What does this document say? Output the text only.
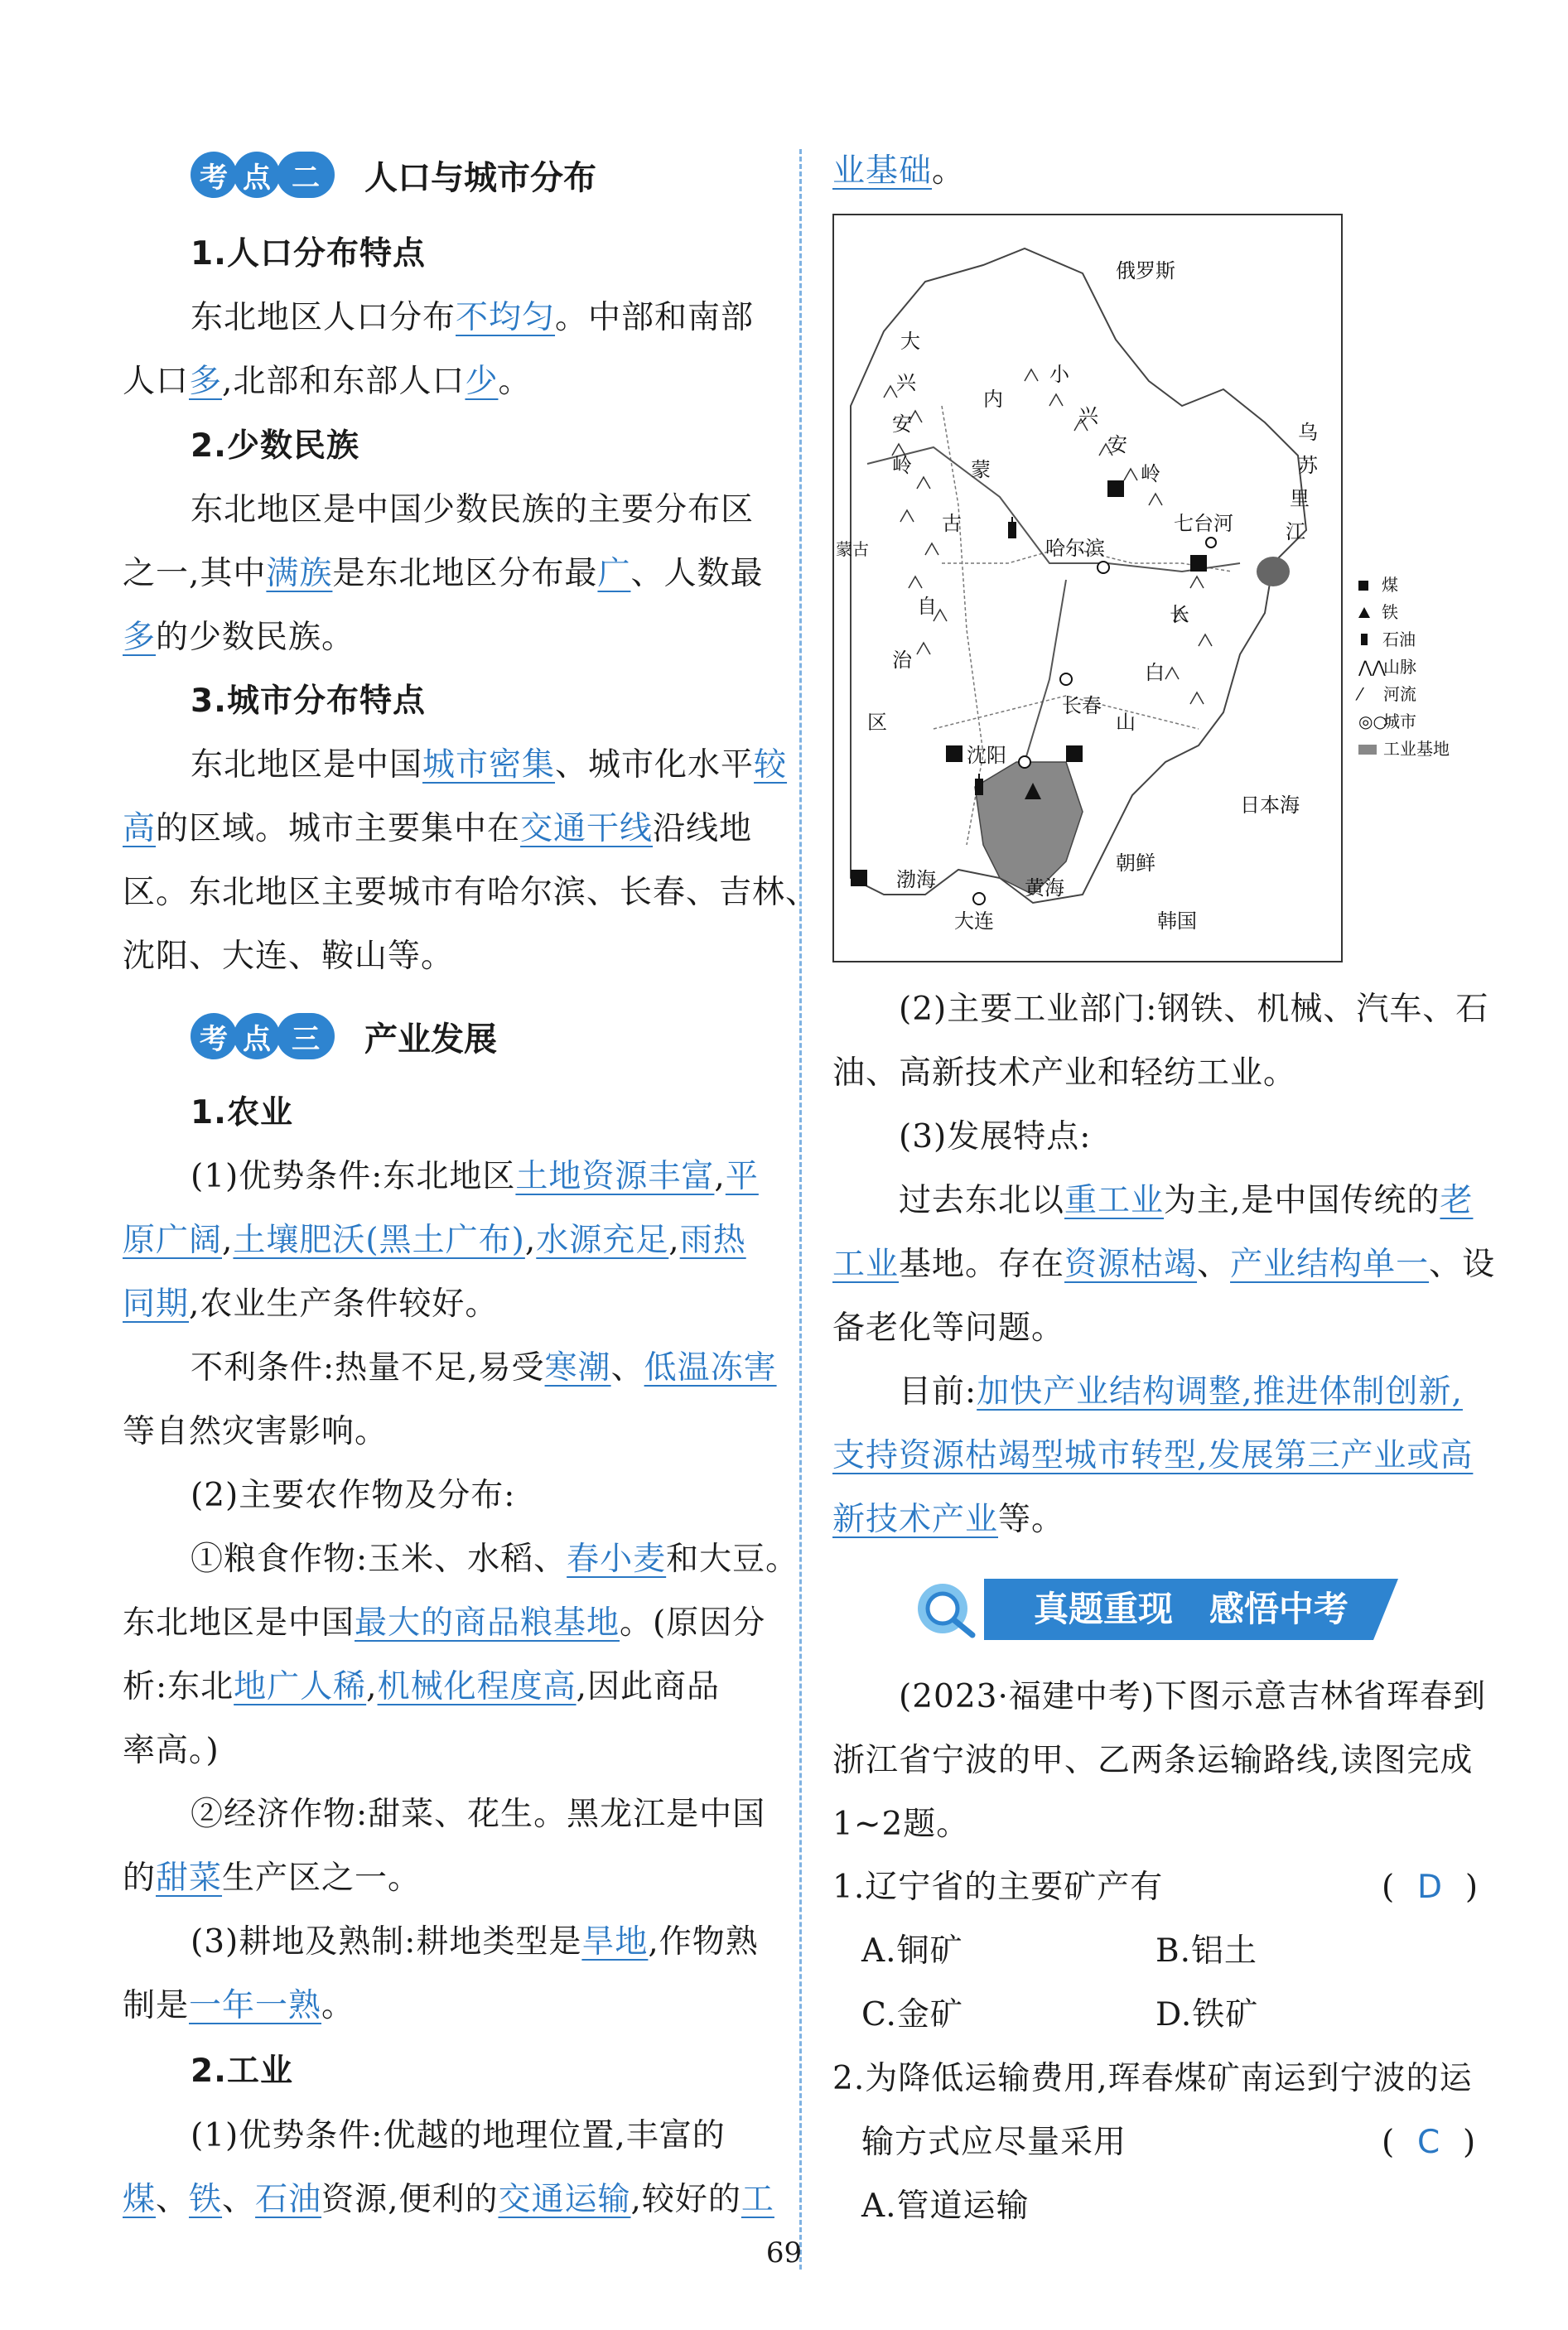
考 点 二	人口与城市分布
1.人口分布特点
东北地区人口分布不均匀。中部和南部
人口多,北部和东部人口少。
2.少数民族
东北地区是中国少数民族的主要分布区
之一,其中满族是东北地区分布最广、人数最
多的少数民族。
3.城市分布特点
东北地区是中国城市密集、城市化水平较
高的区域。城市主要集中在交通干线沿线地
区。东北地区主要城市有哈尔滨、长春、吉林、
沈阳、大连、鞍山等。
考 点 三	产业发展
1.农业
(1)优势条件:东北地区土地资源丰富,平
原广阔,土壤肥沃(黑土广布),水源充足,雨热
同期,农业生产条件较好。
不利条件:热量不足,易受寒潮、低温冻害
等自然灾害影响。
(2)主要农作物及分布:
①粮食作物:玉米、水稻、春小麦和大豆。
东北地区是中国最大的商品粮基地。(原因分
析:东北地广人稀,机械化程度高,因此商品
率高。)
②经济作物:甜菜、花生。黑龙江是中国
的甜菜生产区之一。
(3)耕地及熟制:耕地类型是旱地,作物熟
制是一年一熟。
2.工业
(1)优势条件:优越的地理位置,丰富的
煤、铁、石油资源,便利的交通运输,较好的工
业基础。
俄罗斯
哈尔滨
七台河
长春
沈阳
大连
渤海	黄海
朝鲜
韩国
日本海
蒙古
大
兴
安
岭
内
蒙
古
自
治
区
小
兴
安
岭
长
白
山
乌
苏
里
江
煤
铁
石油
⋀⋀山脉
⁄ 河流
◎○城市
工业基地
(2)主要工业部门:钢铁、机械、汽车、石
油、高新技术产业和轻纺工业。
(3)发展特点:
过去东北以重工业为主,是中国传统的老
工业基地。存在资源枯竭、产业结构单一、设
备老化等问题。
目前:加快产业结构调整,推进体制创新,
支持资源枯竭型城市转型,发展第三产业或高
新技术产业等。
真题重现   感悟中考
(2023·福建中考)下图示意吉林省珲春到
浙江省宁波的甲、乙两条运输路线,读图完成
1~2题。
1.辽宁省的主要矿产有	(  D  )
A.铜矿	B.铝土
C.金矿	D.铁矿
2.为降低运输费用,珲春煤矿南运到宁波的运
输方式应尽量采用	(  C  )
A.管道运输
69
